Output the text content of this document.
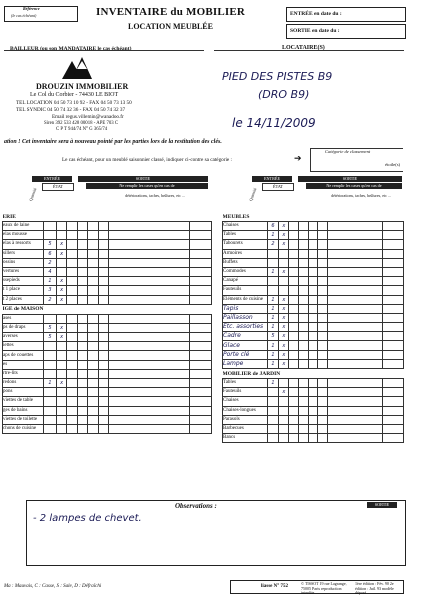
Référence
(le cas échéant)	INVENTAIRE du MOBILIER
LOCATION MEUBLÉE
ENTRÉE en date du :
SORTIE en date du :
BAILLEUR (ou son MANDATAIRE le cas échéant)
DROUZIN IMMOBILIER
Le Col du Corbier - 74430 LE BIOT
TEL LOCATION 04 50 73 10 92 - FAX 04 50 73 13 50
TEL SYNDIC 04 50 74 32 36 - FAX 04 50 74 32 37
Email regus.villemin@wanadoo.fr
Siren 392 533 428 00018 - APE 703 C
C P T 944/74 N° G 365/74
LOCATAIRE(S)
PIED DES PISTES B9
(DRO B9)
le 14/11/2009
ation ! Cet inventaire sera à nouveau pointé par les parties lors de la restitution des clés.
Le cas échéant, pour un meublé saisonnier classé, indiquer ci-contre sa catégorie :	➔
Catégorie de classement
étoile(s)
ENTRÉE	SORTIE
ÉTAT	Ne remplir les cases qu'en cas de
Quantité	détériorations, taches, brûlures, etc ...
ENTRÉE	SORTIE
ÉTAT	Ne remplir les cases qu'en cas de
Quantité	détériorations, taches, brûlures, etc ...
ERIE								
eaux de laine								
elas mousse								
elas à ressorts	5	x						
sillers	6	x						
ossins	2							
vertures	4							
ssepieds	1	x						
t 1 place	3	x						
t 2 places	2	x						
IGE de MAISON								
ases								
ps de draps	5	x						
averses	5	x						
iettes								
aps de couettes								
es								
rtre-lits								
redons	1	x						
pons								
viettes de table								
ges de bains								
viettes de toilette								
chons de cuisine								
MEUBLES								
Chaises	6	x						
Tables	1	x						
Tabourets	2	x						
Armoires								
Buffets								
Commodes	1	x						
Canapé								
Fauteuils								
Éléments de cuisine	1	x						
Tapis	1	x						
Paillasson	1	x						
Etc. assorties	1	x						
Cadre	5	x						
Glace	1	x						
Porte clé	1	x						
Lampe	1	x						
MOBILIER de JARDIN								
Tables	1							
Fauteuils		x						
Chaises								
Chaises-longues								
Parasols								
Barbecues								
Bancs								
Observations :	SORTIE
- 2 lampes de chevet.
Ma : Mauvais, C : Casse, S : Sale, D : Défraîchi	liasse N° 752
© TISSOT 19 rue Lagrange, 75005 Paris reproduction interdite
1ère édition : Fév. 90 2e édition : Juil. 93 modèle déposé
